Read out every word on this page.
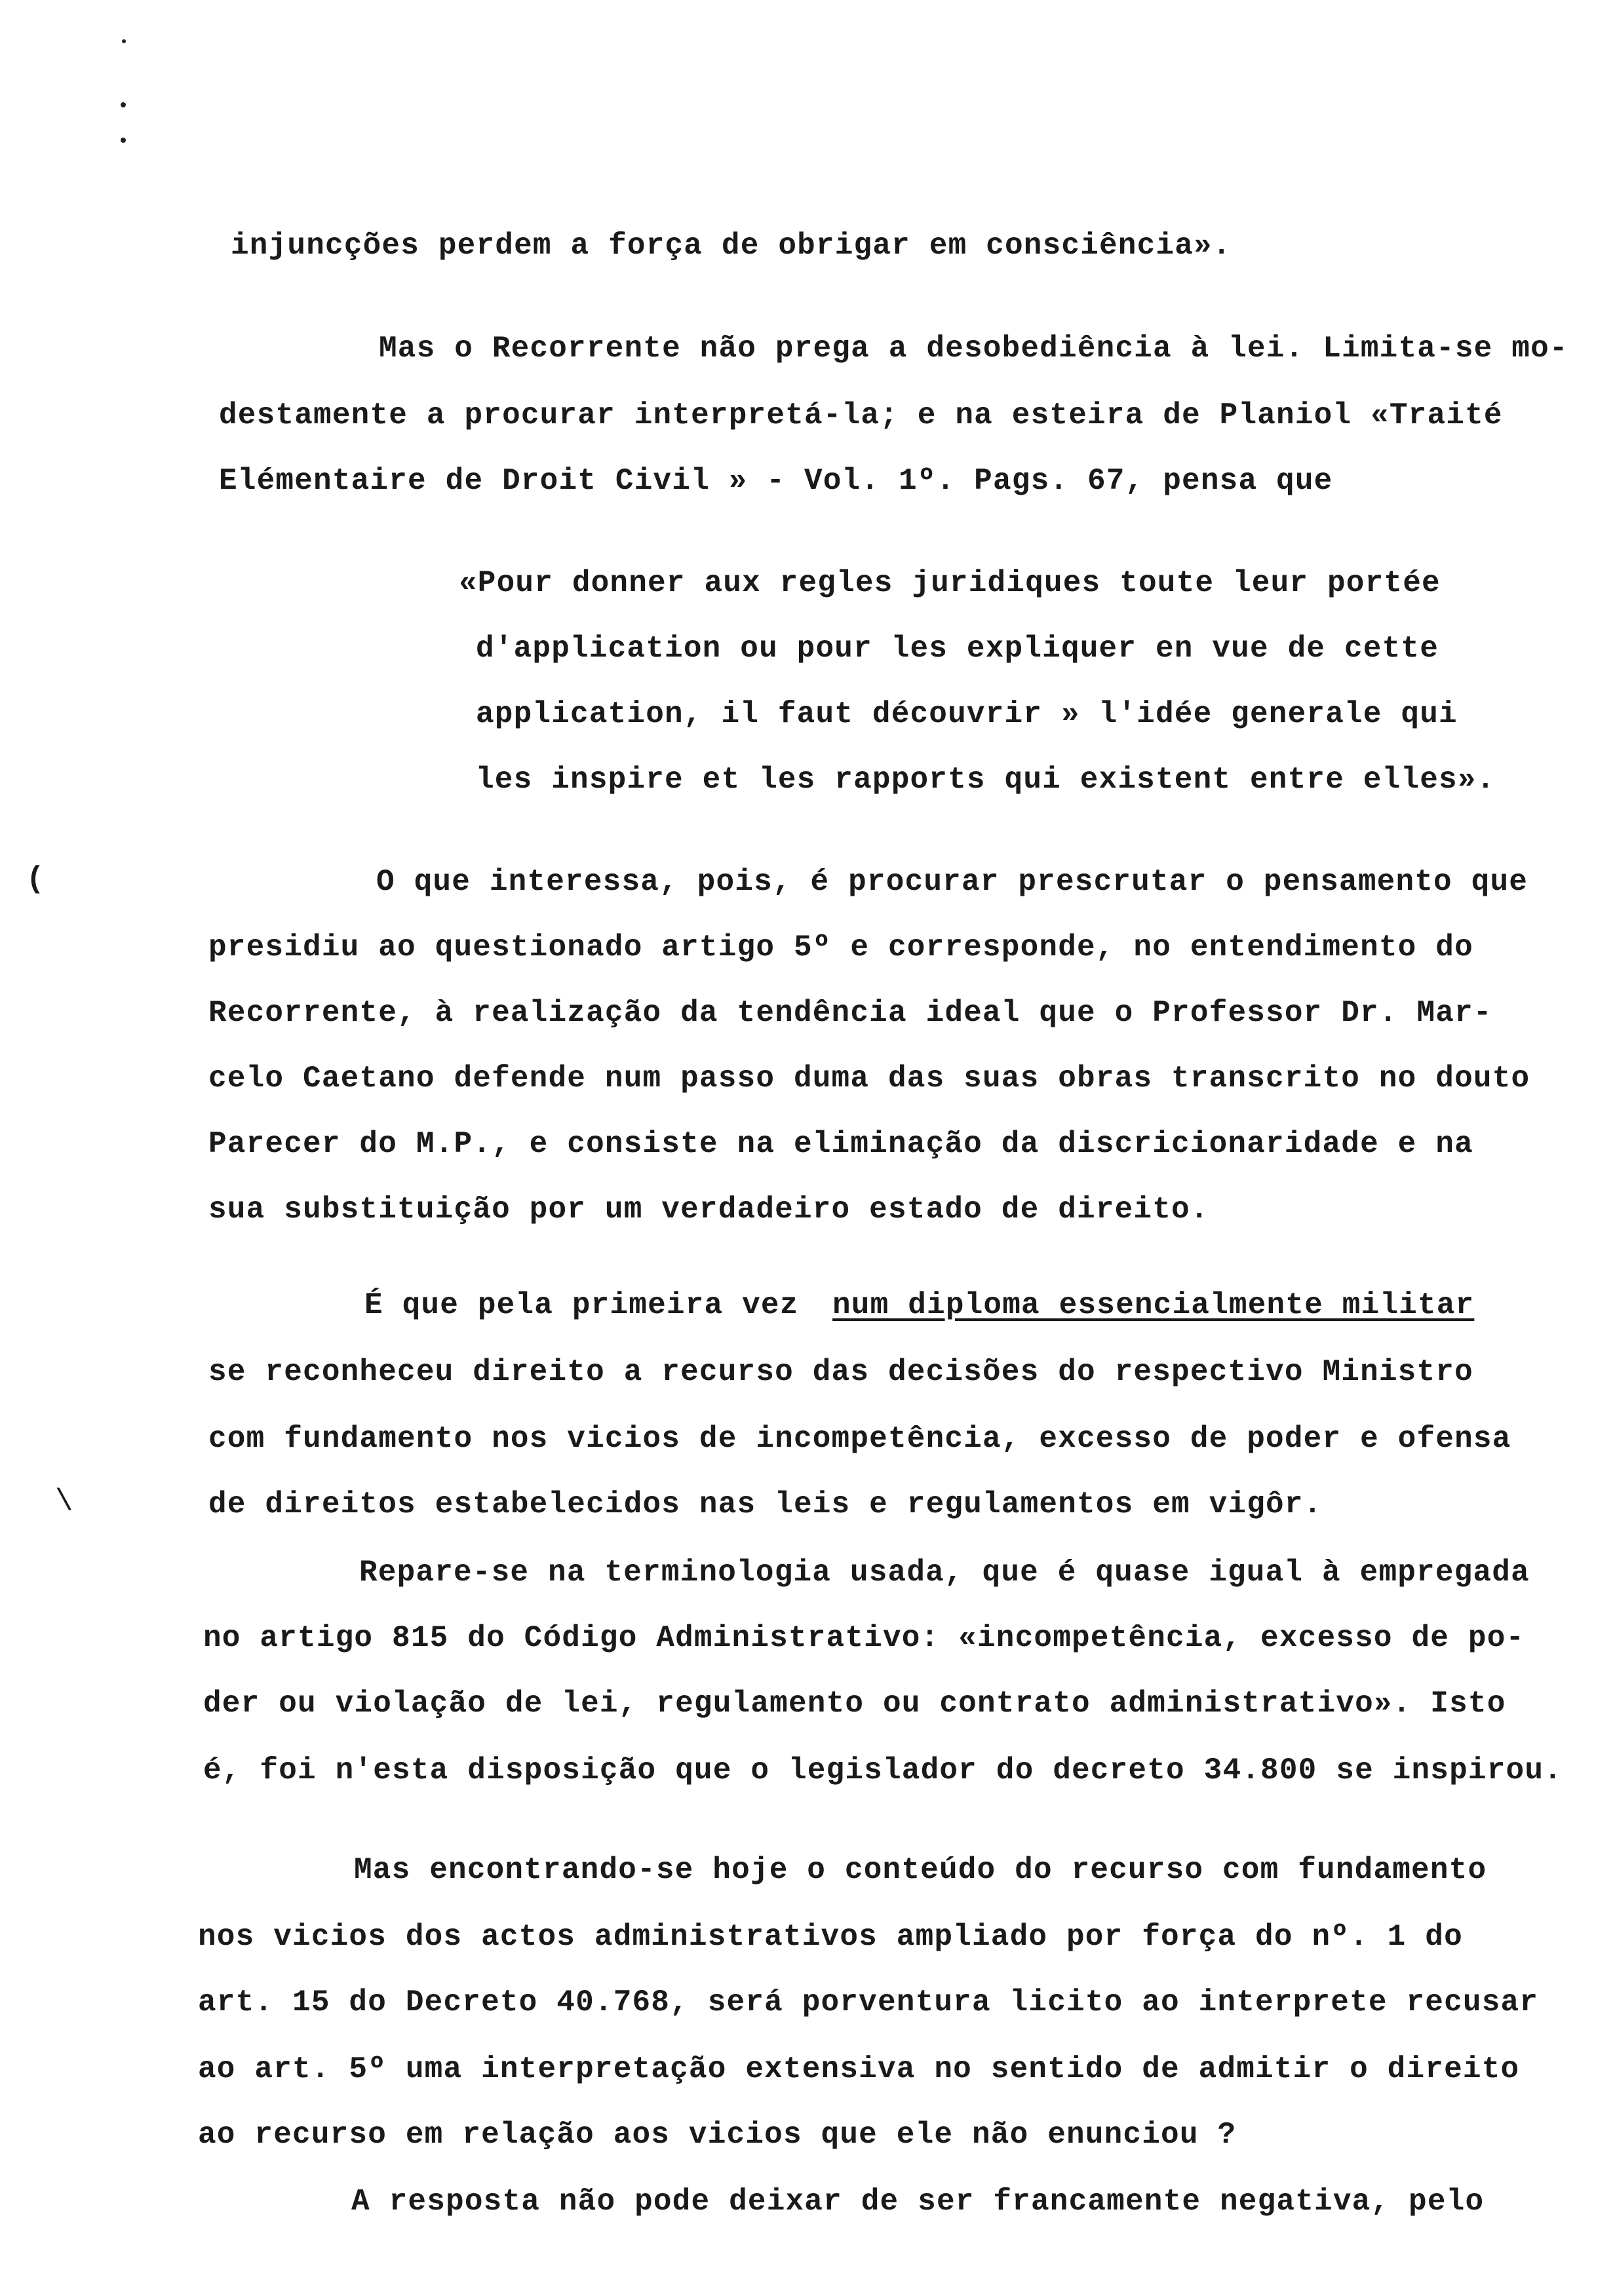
injuncções perdem a força de obrigar em consciência».
Mas o Recorrente não prega a desobediência à lei. Limita-se mo-
destamente a procurar interpretá-la; e na esteira de Planiol «Traité
Elémentaire de Droit Civil » - Vol. 1º. Pags. 67, pensa que
«Pour donner aux regles juridiques toute leur portée
d'application ou pour les expliquer en vue de cette
application, il faut découvrir » l'idée generale qui
les inspire et les rapports qui existent entre elles».
(	O que interessa, pois, é procurar prescrutar o pensamento que
presidiu ao questionado artigo 5º e corresponde, no entendimento do
Recorrente, à realização da tendência ideal que o Professor Dr. Mar-
celo Caetano defende num passo duma das suas obras transcrito no douto
Parecer do M.P., e consiste na eliminação da discricionaridade e na
sua substituição por um verdadeiro estado de direito.
É que pela primeira vez num diploma essencialmente militar
se reconheceu direito a recurso das decisões do respectivo Ministro
com fundamento nos vicios de incompetência, excesso de poder e ofensa
de direitos estabelecidos nas leis e regulamentos em vigôr.
\
Repare-se na terminologia usada, que é quase igual à empregada
no artigo 815 do Código Administrativo: «incompetência, excesso de po-
der ou violação de lei, regulamento ou contrato administrativo». Isto
é, foi n'esta disposição que o legislador do decreto 34.800 se inspirou.
Mas encontrando-se hoje o conteúdo do recurso com fundamento
nos vicios dos actos administrativos ampliado por força do nº. 1 do
art. 15 do Decreto 40.768, será porventura licito ao interprete recusar
ao art. 5º uma interpretação extensiva no sentido de admitir o direito
ao recurso em relação aos vicios que ele não enunciou ?
A resposta não pode deixar de ser francamente negativa, pelo
